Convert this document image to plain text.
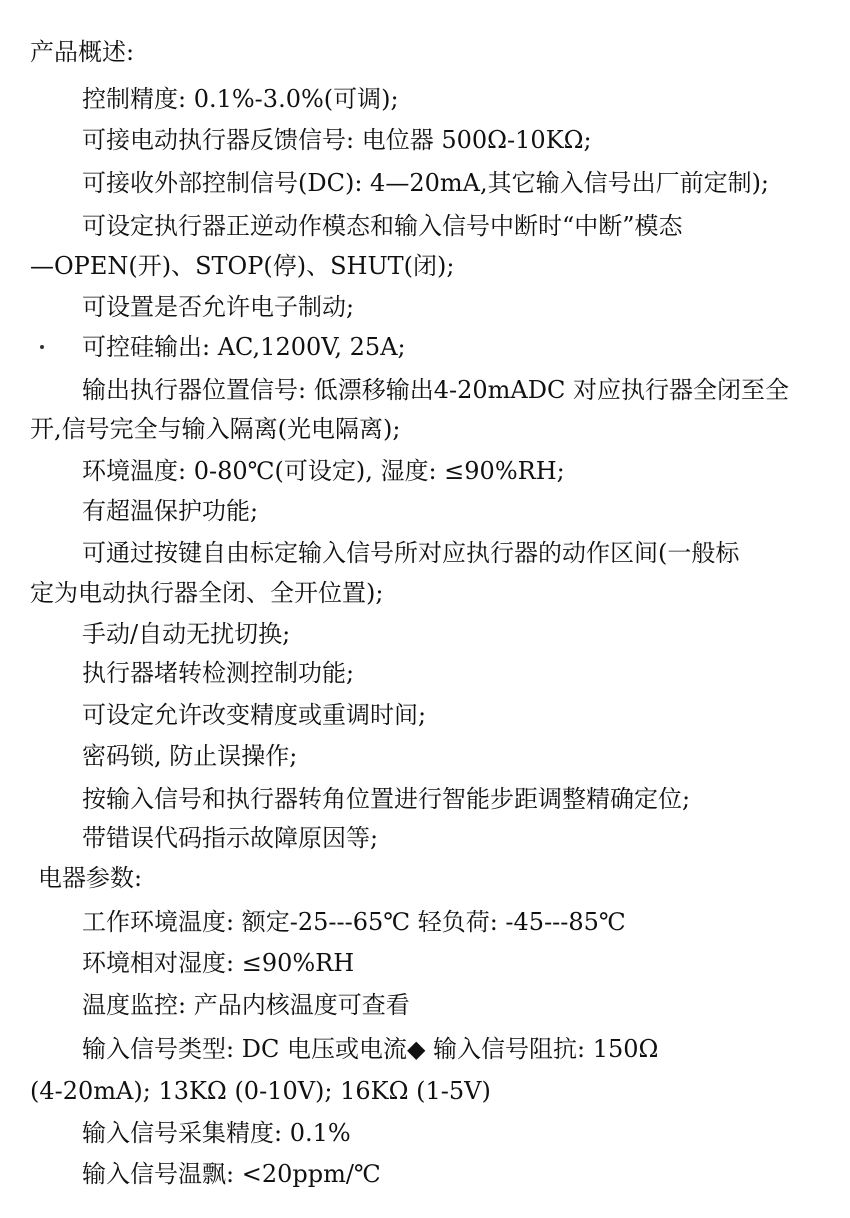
产品概述:
控制精度: 0.1%-3.0%(可调);
可接电动执行器反馈信号: 电位器 500Ω-10KΩ;
可接收外部控制信号(DC): 4—20mA,其它输入信号出厂前定制);
可设定执行器正逆动作模态和输入信号中断时“中断”模态
—OPEN(开)、STOP(停)、SHUT(闭);
可设置是否允许电子制动;
可控硅输出: AC,1200V, 25A;
输出执行器位置信号: 低漂移输出4-20mADC 对应执行器全闭至全
开,信号完全与输入隔离(光电隔离);
环境温度: 0-80℃(可设定), 湿度: ≤90%RH;
有超温保护功能;
可通过按键自由标定输入信号所对应执行器的动作区间(一般标
定为电动执行器全闭、全开位置);
手动/自动无扰切换;
执行器堵转检测控制功能;
可设定允许改变精度或重调时间;
密码锁, 防止误操作;
按输入信号和执行器转角位置进行智能步距调整精确定位;
带错误代码指示故障原因等;
电器参数:
工作环境温度: 额定-25---65℃ 轻负荷: -45---85℃
环境相对湿度: ≤90%RH
温度监控: 产品内核温度可查看
输入信号类型: DC 电压或电流◆ 输入信号阻抗: 150Ω
(4-20mA); 13KΩ (0-10V); 16KΩ (1-5V)
输入信号采集精度: 0.1%
输入信号温飘: <20ppm/℃
